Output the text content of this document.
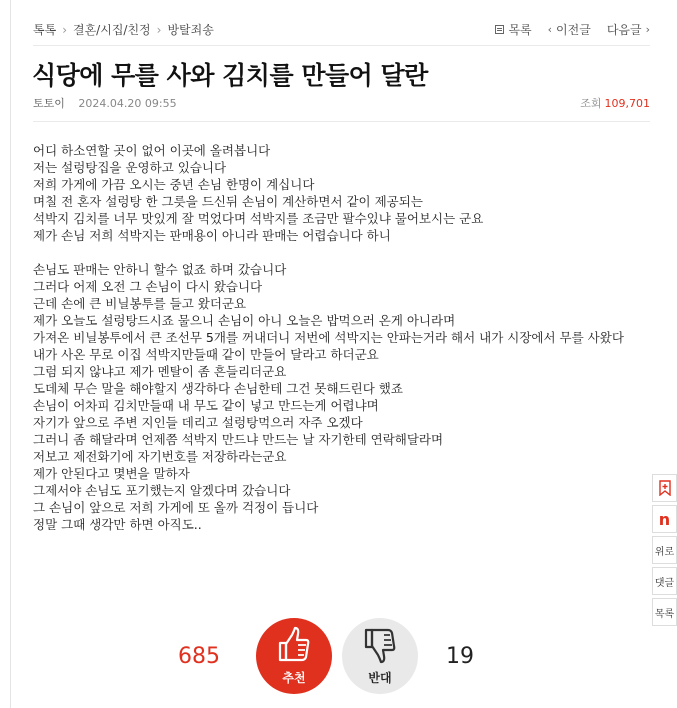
톡톡 › 결혼/시집/친정 › 방탈죄송	목록 ‹ 이전글 다음글 ›
식당에 무를 사와 김치를 만들어 달란
토토이 2024.04.20 09:55	조회 109,701

어디 하소연할 곳이 없어 이곳에 올려봅니다

저는 설렁탕집을 운영하고 있습니다

저희 가게에 가끔 오시는 중년 손님 한명이 계십니다

며칠 전 혼자 설렁탕 한 그릇을 드신뒤 손님이 계산하면서 같이 제공되는

석박지 김치를 너무 맛있게 잘 먹었다며 석박지를 조금만 팔수있냐 물어보시는 군요

제가 손님 저희 석박지는 판매용이 아니라 판매는 어렵습니다 하니

손님도 판매는 안하니 할수 없죠 하며 갔습니다

그러다 어제 오전 그 손님이 다시 왔습니다

근데 손에 큰 비닐봉투를 들고 왔더군요

제가 오늘도 설렁탕드시죠 물으니 손님이 아니 오늘은 밥먹으러 온게 아니라며

가져온 비닐봉투에서 큰 조선무 5개를 꺼내더니 저번에 석박지는 안파는거라 해서 내가 시장에서 무를 사왔다

내가 사온 무로 이집 석박지만들때 같이 만들어 달라고 하더군요

그럼 되지 않냐고 제가 멘탈이 좀 흔들리더군요

도데체 무슨 말을 해야할지 생각하다 손님한테 그건 못해드린다 했죠

손님이 어차피 김치만들때 내 무도 같이 넣고 만드는게 어렵냐며

자기가 앞으로 주변 지인들 데리고 설렁탕먹으러 자주 오겠다

그러니 좀 해달라며 언제쯤 석박지 만드냐 만드는 날 자기한테 연락해달라며

저보고 제전화기에 자기번호를 저장하라는군요

제가 안된다고 몇변을 말하자

그제서야 손님도 포기했는지 알겠다며 갔습니다

그 손님이 앞으로 저희 가게에 또 올까 걱정이 듭니다

정말 그때 생각만 하면 아직도..

685
추천	반대
19
n
위로
댓글
목록
